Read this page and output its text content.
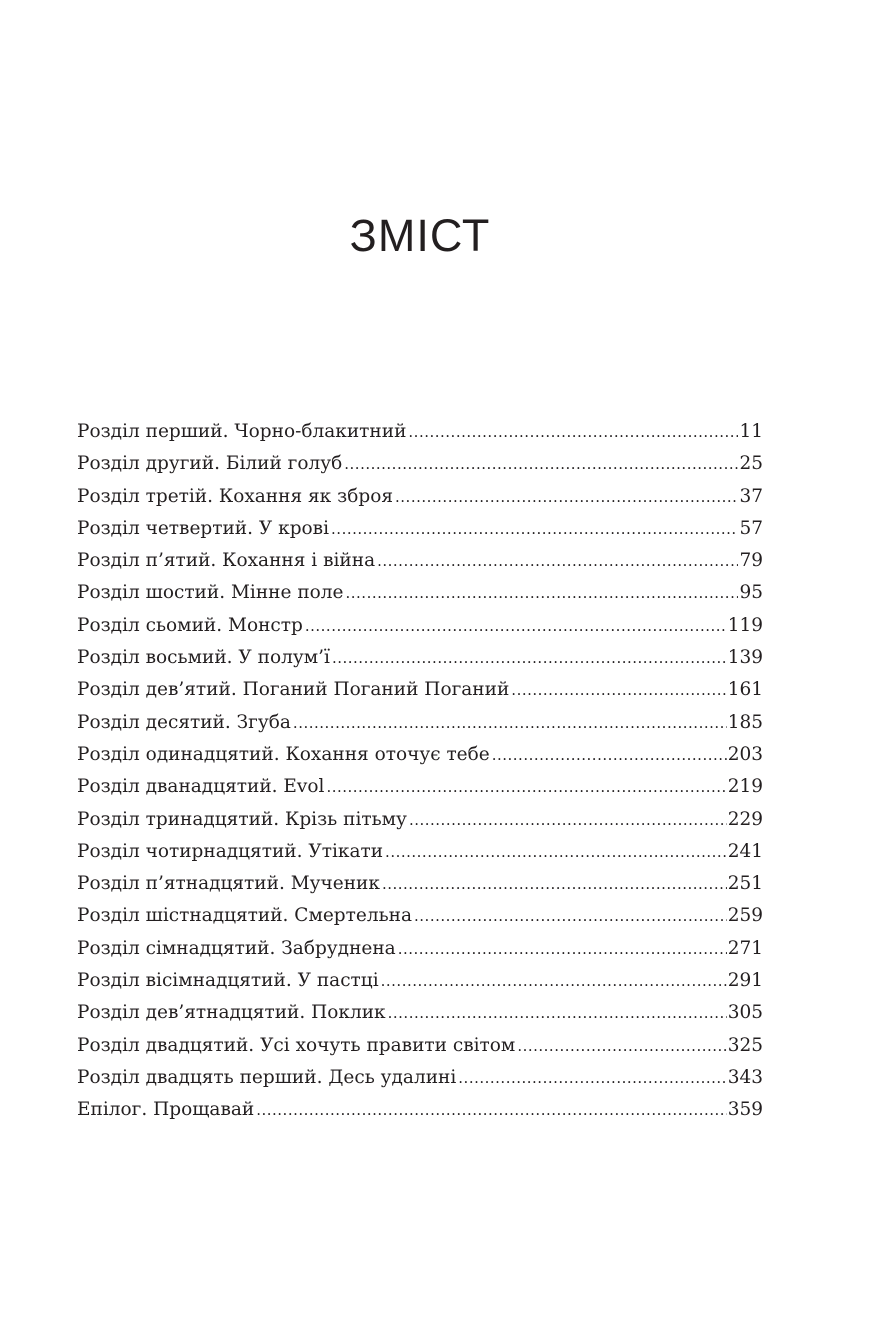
ЗМІСТ
Розділ перший. Чорно-блакитний .....	11
Розділ другий. Білий голуб .....	25
Розділ третій. Кохання як зброя .....	37
Розділ четвертий. У крові .....	57
Розділ п’ятий. Кохання і війна .....	79
Розділ шостий. Мінне поле .....	95
Розділ сьомий. Монстр .....	119
Розділ восьмий. У полум’ї .....	139
Розділ дев’ятий. Поганий Поганий Поганий .....	161
Розділ десятий. Згуба .....	185
Розділ одинадцятий. Кохання оточує тебе .....	203
Розділ дванадцятий. Evol .....	219
Розділ тринадцятий. Крізь пітьму .....	229
Розділ чотирнадцятий. Утікати .....	241
Розділ п’ятнадцятий. Мученик .....	251
Розділ шістнадцятий. Смертельна .....	259
Розділ сімнадцятий. Забруднена .....	271
Розділ вісімнадцятий. У пастці .....	291
Розділ дев’ятнадцятий. Поклик .....	305
Розділ двадцятий. Усі хочуть правити світом .....	325
Розділ двадцять перший. Десь удалині .....	343
Епілог. Прощавай .....	359
